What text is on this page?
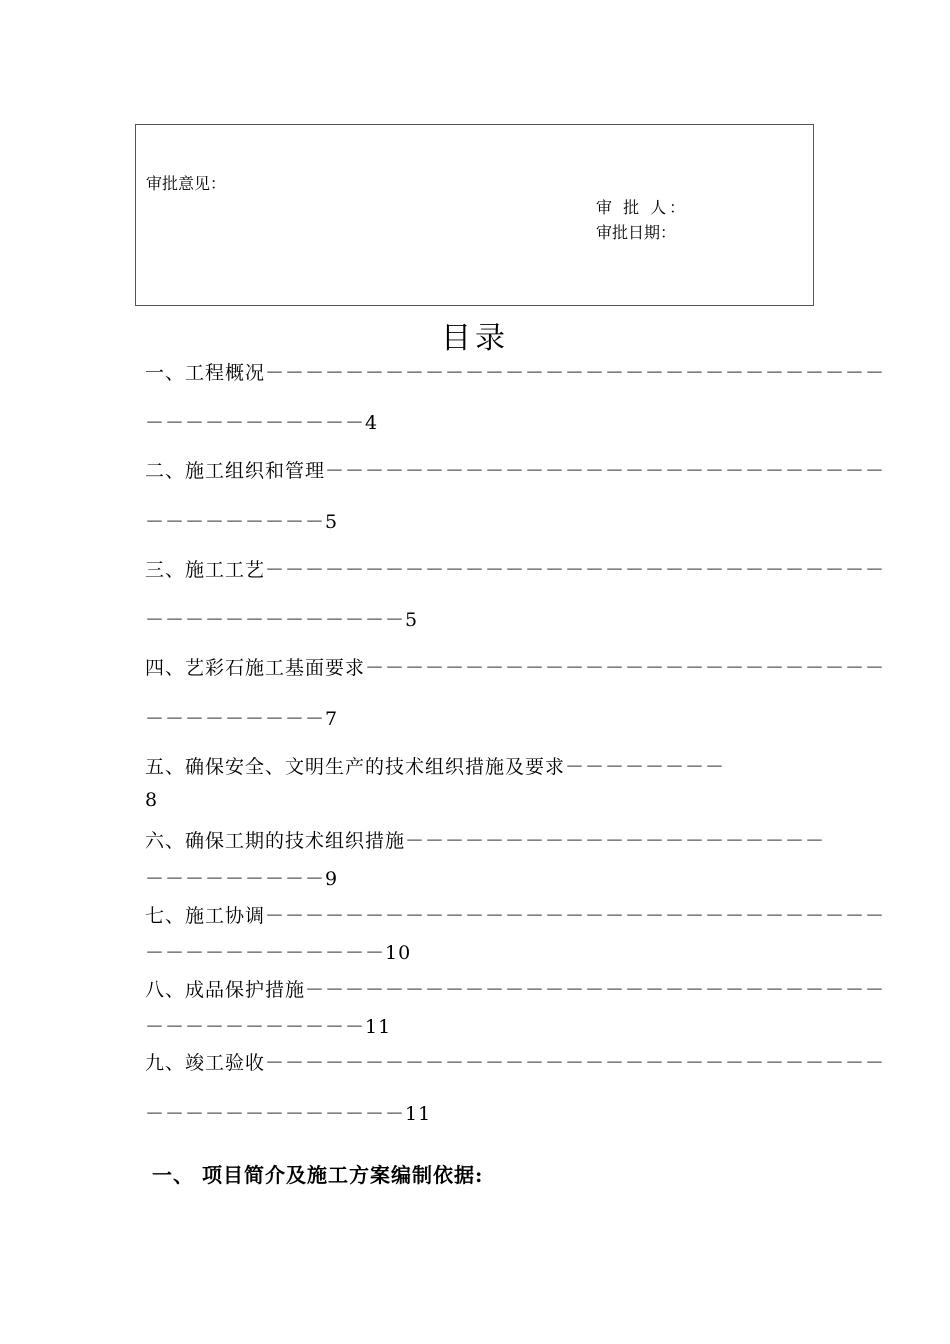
审批意见：
审 批 人：
审批日期：
目录
一、工程概况－－－－－－－－－－－－－－－－－－－－－－－－－－－－－－－
－－－－－－－－－－－4
二、施工组织和管理－－－－－－－－－－－－－－－－－－－－－－－－－－－－
－－－－－－－－－5
三、施工工艺－－－－－－－－－－－－－－－－－－－－－－－－－－－－－－－
－－－－－－－－－－－－－5
四、艺彩石施工基面要求－－－－－－－－－－－－－－－－－－－－－－－－－－
－－－－－－－－－7
五、确保安全、文明生产的技术组织措施及要求－－－－－－－－
8
六、确保工期的技术组织措施－－－－－－－－－－－－－－－－－－－－－
－－－－－－－－－9
七、施工协调－－－－－－－－－－－－－－－－－－－－－－－－－－－－－－－
－－－－－－－－－－－－10
八、成品保护措施－－－－－－－－－－－－－－－－－－－－－－－－－－－－－
－－－－－－－－－－－11
九、竣工验收－－－－－－－－－－－－－－－－－－－－－－－－－－－－－－－
－－－－－－－－－－－－－11
一、 项目简介及施工方案编制依据:
